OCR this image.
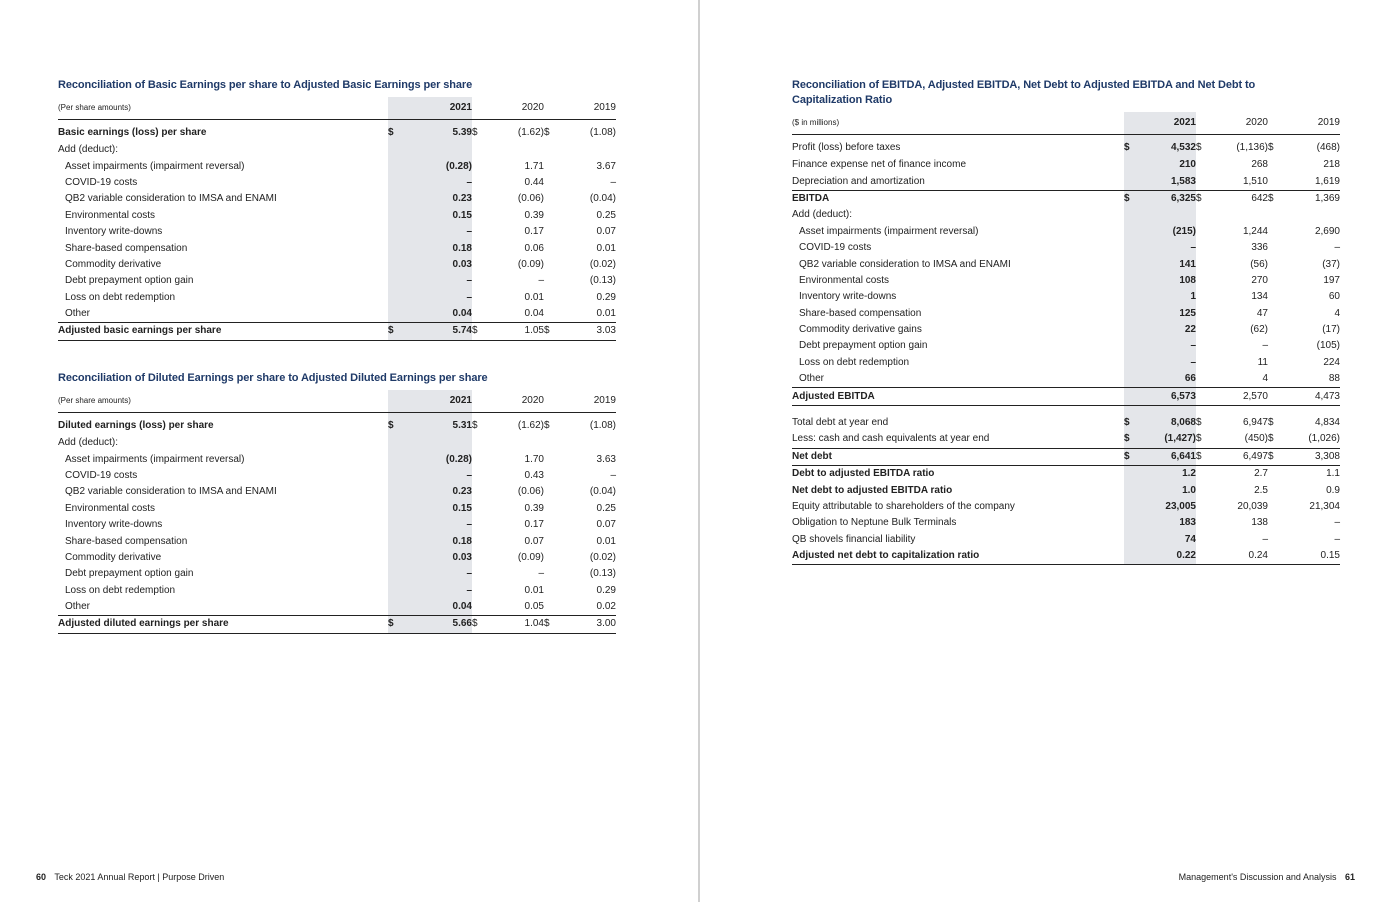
Reconciliation of Basic Earnings per share to Adjusted Basic Earnings per share
(Per share amounts)		2021		2020		2019
Basic earnings (loss) per share	$	5.39	$	(1.62)	$	(1.08)
Add (deduct):						
Asset impairments (impairment reversal)		(0.28)		1.71		3.67
COVID-19 costs		–		0.44		–
QB2 variable consideration to IMSA and ENAMI		0.23		(0.06)		(0.04)
Environmental costs		0.15		0.39		0.25
Inventory write-downs		–		0.17		0.07
Share-based compensation		0.18		0.06		0.01
Commodity derivative		0.03		(0.09)		(0.02)
Debt prepayment option gain		–		–		(0.13)
Loss on debt redemption		–		0.01		0.29
Other		0.04		0.04		0.01
Adjusted basic earnings per share	$	5.74	$	1.05	$	3.03
Reconciliation of Diluted Earnings per share to Adjusted Diluted Earnings per share
(Per share amounts)		2021		2020		2019
Diluted earnings (loss) per share	$	5.31	$	(1.62)	$	(1.08)
Add (deduct):						
Asset impairments (impairment reversal)		(0.28)		1.70		3.63
COVID-19 costs		–		0.43		–
QB2 variable consideration to IMSA and ENAMI		0.23		(0.06)		(0.04)
Environmental costs		0.15		0.39		0.25
Inventory write-downs		–		0.17		0.07
Share-based compensation		0.18		0.07		0.01
Commodity derivative		0.03		(0.09)		(0.02)
Debt prepayment option gain		–		–		(0.13)
Loss on debt redemption		–		0.01		0.29
Other		0.04		0.05		0.02
Adjusted diluted earnings per share	$	5.66	$	1.04	$	3.00
60 Teck 2021 Annual Report | Purpose Driven
Reconciliation of EBITDA, Adjusted EBITDA, Net Debt to Adjusted EBITDA and Net Debt to Capitalization Ratio
($ in millions)		2021		2020		2019
Profit (loss) before taxes	$	4,532	$	(1,136)	$	(468)
Finance expense net of finance income		210		268		218
Depreciation and amortization		1,583		1,510		1,619
EBITDA	$	6,325	$	642	$	1,369
Add (deduct):						
Asset impairments (impairment reversal)		(215)		1,244		2,690
COVID-19 costs		–		336		–
QB2 variable consideration to IMSA and ENAMI		141		(56)		(37)
Environmental costs		108		270		197
Inventory write-downs		1		134		60
Share-based compensation		125		47		4
Commodity derivative gains		22		(62)		(17)
Debt prepayment option gain		–		–		(105)
Loss on debt redemption		–		11		224
Other		66		4		88
Adjusted EBITDA		6,573		2,570		4,473

Total debt at year end	$	8,068	$	6,947	$	4,834
Less: cash and cash equivalents at year end	$	(1,427)	$	(450)	$	(1,026)
Net debt	$	6,641	$	6,497	$	3,308
Debt to adjusted EBITDA ratio		1.2		2.7		1.1
Net debt to adjusted EBITDA ratio		1.0		2.5		0.9
Equity attributable to shareholders of the company		23,005		20,039		21,304
Obligation to Neptune Bulk Terminals		183		138		–
QB shovels financial liability		74		–		–
Adjusted net debt to capitalization ratio		0.22		0.24		0.15
Management's Discussion and Analysis 61
